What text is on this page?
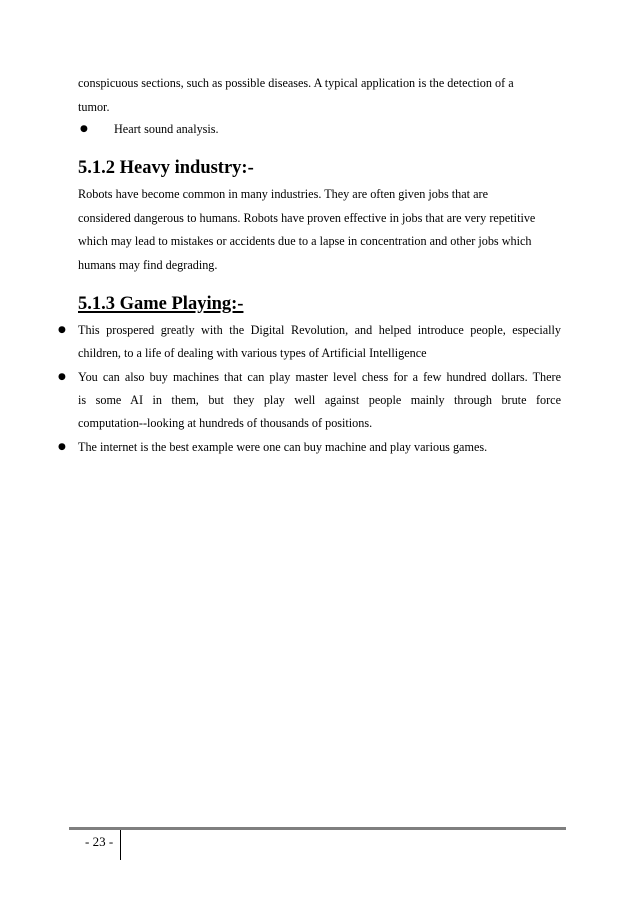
conspicuous sections, such as possible diseases. A typical application is the detection of a

tumor.

●	Heart sound analysis.
5.1.2 Heavy industry:-

Robots have become common in many industries. They are often given jobs that are

considered dangerous to humans. Robots have proven effective in jobs that are very repetitive

which may lead to mistakes or accidents due to a lapse in concentration and other jobs which

humans may find degrading.

5.1.3 Game Playing:-
● This prospered greatly with the Digital Revolution, and helped introduce people, especially

children, to a life of dealing with various types of Artificial Intelligence

● You can also buy machines that can play master level chess for a few hundred dollars. There

is some AI in them, but they play well against people mainly through brute force

computation--looking at hundreds of thousands of positions.

● The internet is the best example were one can buy machine and play various games.

- 23 -
